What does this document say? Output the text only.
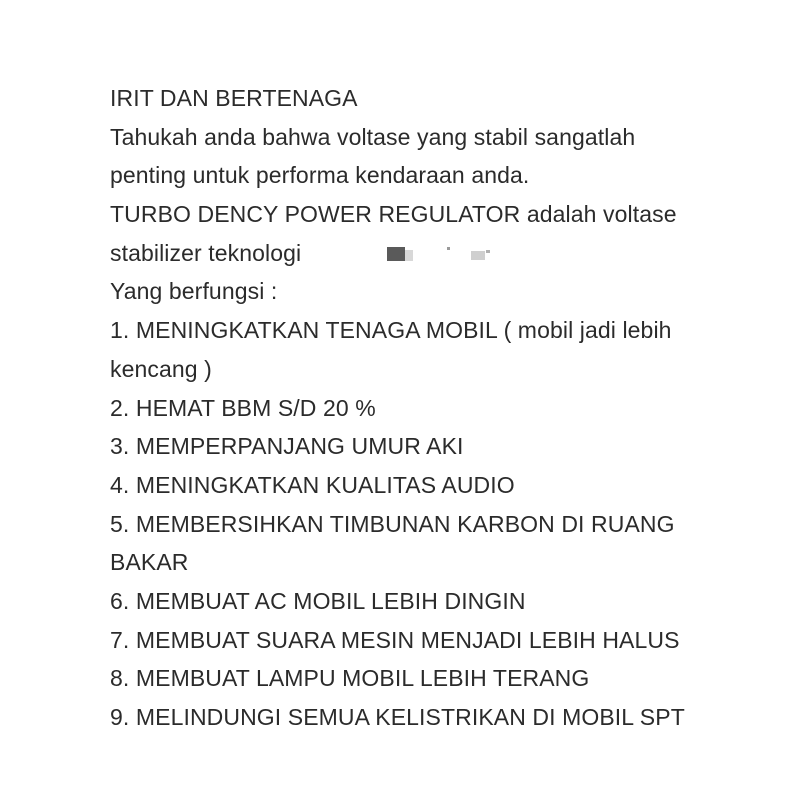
IRIT DAN BERTENAGA
Tahukah anda bahwa voltase yang stabil sangatlah
penting untuk performa kendaraan anda.
TURBO DENCY POWER REGULATOR adalah voltase
stabilizer teknologi
Yang berfungsi :
1. MENINGKATKAN TENAGA MOBIL ( mobil jadi lebih
kencang )
2. HEMAT BBM S/D 20 %
3. MEMPERPANJANG UMUR AKI
4. MENINGKATKAN KUALITAS AUDIO
5. MEMBERSIHKAN TIMBUNAN KARBON DI RUANG
BAKAR
6. MEMBUAT AC MOBIL LEBIH DINGIN
7. MEMBUAT SUARA MESIN MENJADI LEBIH HALUS
8. MEMBUAT LAMPU MOBIL LEBIH TERANG
9. MELINDUNGI SEMUA KELISTRIKAN DI MOBIL SPT
